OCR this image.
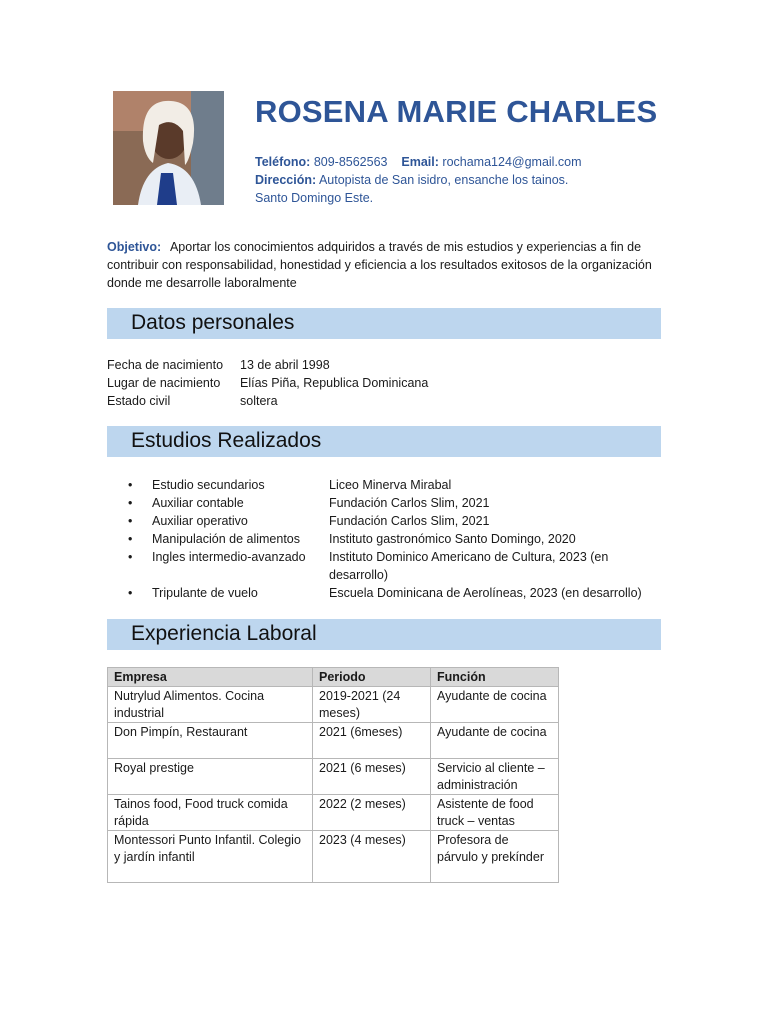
ROSENA MARIE CHARLES
Teléfono: 809-8562563 Email: rochama124@gmail.com
Dirección: Autopista de San isidro, ensanche los tainos.
Santo Domingo Este.
Objetivo: Aportar los conocimientos adquiridos a través de mis estudios y experiencias a fin de contribuir con responsabilidad, honestidad y eficiencia a los resultados exitosos de la organización donde me desarrolle laboralmente
Datos personales
Fecha de nacimiento	13 de abril 1998
Lugar de nacimiento	Elías Piña, Republica Dominicana
Estado civil	soltera
Estudios Realizados
•	Estudio secundarios	Liceo Minerva Mirabal
•	Auxiliar contable	Fundación Carlos Slim, 2021
•	Auxiliar operativo	Fundación Carlos Slim, 2021
•	Manipulación de alimentos	Instituto gastronómico Santo Domingo, 2020
•	Ingles intermedio-avanzado	Instituto Dominico Americano de Cultura, 2023 (en desarrollo)
•	Tripulante de vuelo	Escuela Dominicana de Aerolíneas, 2023 (en desarrollo)
Experiencia Laboral
Empresa	Periodo	Función
Nutrylud Alimentos. Cocina industrial	2019-2021 (24 meses)	Ayudante de cocina
Don Pimpín, Restaurant	2021 (6meses)	Ayudante de cocina
Royal prestige	2021 (6 meses)	Servicio al cliente – administración
Tainos food, Food truck comida rápida	2022 (2 meses)	Asistente de food truck – ventas
Montessori Punto Infantil. Colegio y jardín infantil	2023 (4 meses)	Profesora de párvulo y prekínder
